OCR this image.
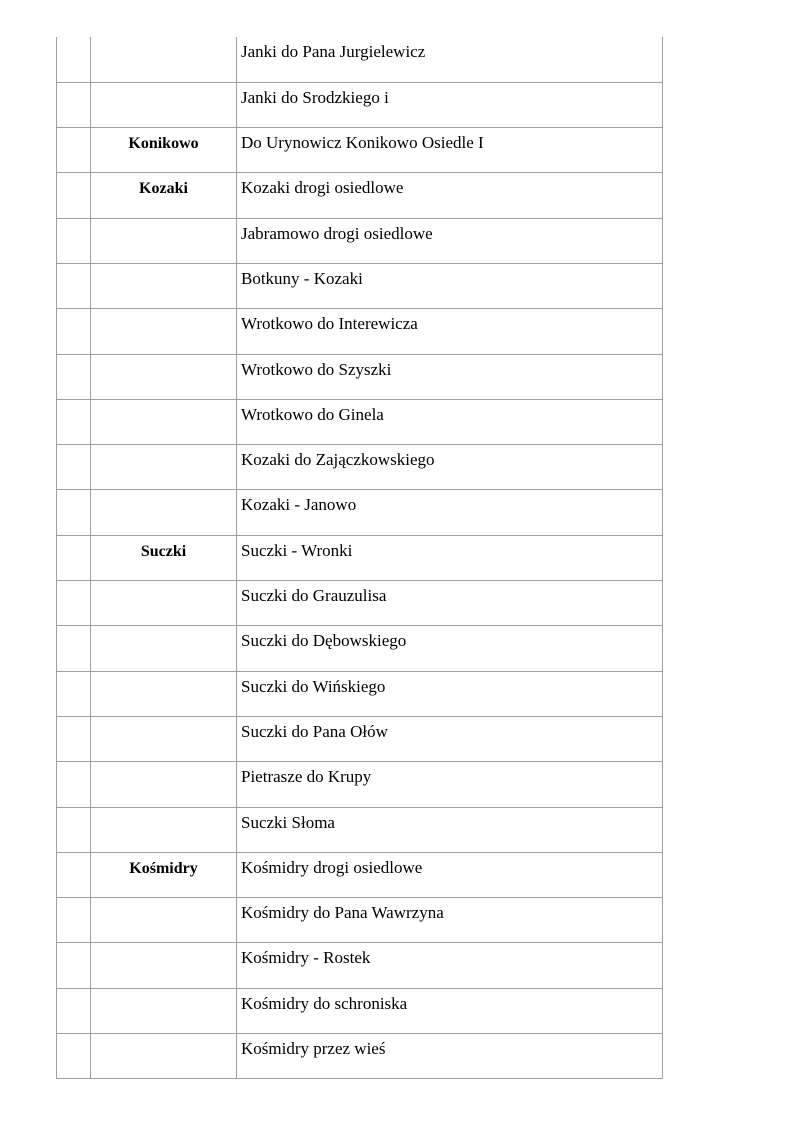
		Janki do Pana Jurgielewicz
		Janki do Srodzkiego i
	Konikowo	Do Urynowicz Konikowo Osiedle I
	Kozaki	Kozaki drogi osiedlowe
		Jabramowo drogi osiedlowe
		Botkuny - Kozaki
		Wrotkowo do Interewicza
		Wrotkowo do Szyszki
		Wrotkowo do Ginela
		Kozaki do Zajączkowskiego
		Kozaki - Janowo
	Suczki	Suczki - Wronki
		Suczki do Grauzulisa
		Suczki do Dębowskiego
		Suczki do Wińskiego
		Suczki do Pana Ołów
		Pietrasze do Krupy
		Suczki Słoma
	Kośmidry	Kośmidry drogi osiedlowe
		Kośmidry do Pana Wawrzyna
		Kośmidry - Rostek
		Kośmidry do schroniska
		Kośmidry przez wieś
